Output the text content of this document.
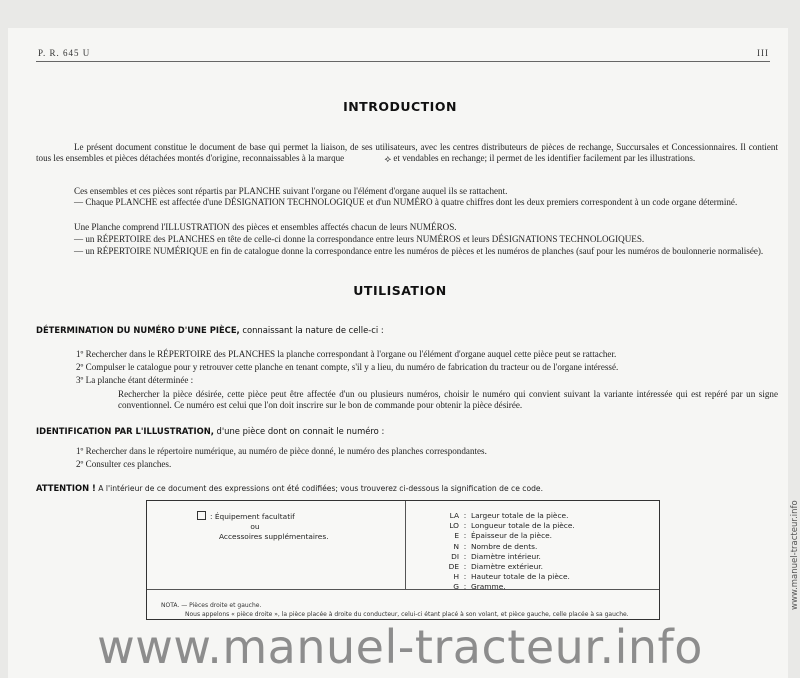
P. R. 645 U	III
INTRODUCTION
Le présent document constitue le document de base qui permet la liaison, de ses utilisateurs, avec les centres distributeurs de pièces de rechange, Succursales et Concessionnaires. Il contient tous les ensembles et pièces détachées montés d'origine, reconnaissables à la marque	⟡ et vendables en rechange; il permet de les identifier facilement par les illustrations.
Ces ensembles et ces pièces sont répartis par PLANCHE suivant l'organe ou l'élément d'organe auquel ils se rattachent.
— Chaque PLANCHE est affectée d'une DÉSIGNATION TECHNOLOGIQUE et d'un NUMÉRO à quatre chiffres dont les deux premiers correspondent à un code organe déterminé.
Une Planche comprend l'ILLUSTRATION des pièces et ensembles affectés chacun de leurs NUMÉROS.
— un RÉPERTOIRE des PLANCHES en tête de celle-ci donne la correspondance entre leurs NUMÉROS et leurs DÉSIGNATIONS TECHNOLOGIQUES.
— un RÉPERTOIRE NUMÉRIQUE en fin de catalogue donne la correspondance entre les numéros de pièces et les numéros de planches (sauf pour les numéros de boulonnerie normalisée).
UTILISATION
DÉTERMINATION DU NUMÉRO D'UNE PIÈCE, connaissant la nature de celle-ci :
1º Rechercher dans le RÉPERTOIRE des PLANCHES la planche correspondant à l'organe ou l'élément d'organe auquel cette pièce peut se rattacher.
2º Compulser le catalogue pour y retrouver cette planche en tenant compte, s'il y a lieu, du numéro de fabrication du tracteur ou de l'organe intéressé.
3º La planche étant déterminée :
Rechercher la pièce désirée, cette pièce peut être affectée d'un ou plusieurs numéros, choisir le numéro qui convient suivant la variante intéressée qui est repéré par un signe conventionnel. Ce numéro est celui que l'on doit inscrire sur le bon de commande pour obtenir la pièce désirée.
IDENTIFICATION PAR L'ILLUSTRATION, d'une pièce dont on connait le numéro :
1º Rechercher dans le répertoire numérique, au numéro de pièce donné, le numéro des planches correspondantes.
2º Consulter ces planches.
ATTENTION ! A l'intérieur de ce document des expressions ont été codifiées; vous trouverez ci-dessous la signification de ce code.
: Équipement facultatif
ou
Accessoires supplémentaires.
LA : Largeur totale de la pièce.
LO : Longueur totale de la pièce.
E : Épaisseur de la pièce.
N : Nombre de dents.
DI : Diamètre intérieur.
DE : Diamètre extérieur.
H : Hauteur totale de la pièce.
G : Gramme.
NOTA. — Pièces droite et gauche.
Nous appelons « pièce droite », la pièce placée à droite du conducteur, celui-ci étant placé à son volant, et pièce gauche, celle placée à sa gauche.
www.manuel-tracteur.info
www.manuel-tracteur.info
